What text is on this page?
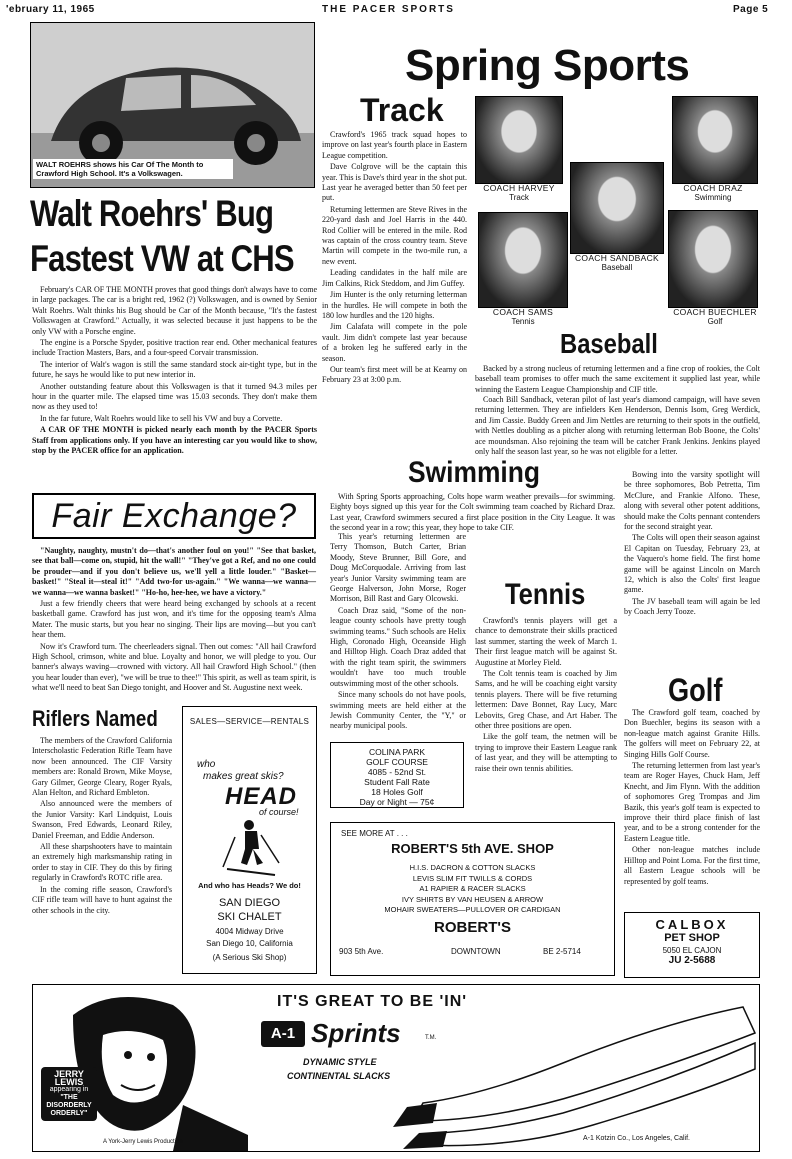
'ebruary 11, 1965	THE PACER SPORTS	Page 5
WALT ROEHRS shows his Car Of The Month to Crawford High School. It's a Volkswagen.
Walt Roehrs' Bug
Fastest VW at CHS

February's CAR OF THE MONTH proves that good things don't always have to come in large packages. The car is a bright red, 1962 (?) Volkswagen, and is owned by Senior Walt Roehrs. Walt thinks his Bug should be Car of the Month because, "It's the fastest Volkswagen at Crawford." Actually, it was selected because it just happens to be the only VW with a Porsche engine.

The engine is a Porsche Spyder, positive traction rear end. Other mechanical features include Traction Masters, Bars, and a four-speed Corvair transmission.

The interior of Walt's wagon is still the same standard stock air-tight type, but in the future, he says he would like to put new interior in.

Another outstanding feature about this Volkswagen is that it turned 94.3 miles per hour in the quarter mile. The elapsed time was 15.03 seconds. They don't make them now as they used to!

In the far future, Walt Roehrs would like to sell his VW and buy a Corvette.

A CAR OF THE MONTH is picked nearly each month by the PACER Sports Staff from applications only. If you have an interesting car you would like to show, stop by the PACER office for an application.

Spring Sports
Track

Crawford's 1965 track squad hopes to improve on last year's fourth place in Eastern League competition.

Dave Colgrove will be the captain this year. This is Dave's third year in the shot put. Last year he averaged better than 50 feet per put.

Returning lettermen are Steve Rives in the 220-yard dash and Joel Harris in the 440. Rod Collier will be entered in the mile. Rod was captain of the cross country team. Steve Martin will compete in the two-mile run, a new event.

Leading candidates in the half mile are Jim Calkins, Rick Steddom, and Jim Guffey.

Jim Hunter is the only returning letterman in the hurdles. He will compete in both the 180 low hurdles and the 120 highs.

Jim Calafata will compete in the pole vault. Jim didn't compete last year because of a broken leg he suffered early in the season.

Our team's first meet will be at Kearny on February 23 at 3:00 p.m.

COACH HARVEY
Track
COACH DRAZ
Swimming
COACH SANDBACK
Baseball
COACH SAMS
Tennis
COACH BUECHLER
Golf
Baseball

Backed by a strong nucleus of returning lettermen and a fine crop of rookies, the Colt baseball team promises to offer much the same excitement it supplied last year, while winning the Eastern League Championship and CIF title.

Coach Bill Sandback, veteran pilot of last year's diamond campaign, will have seven returning lettermen. They are infielders Ken Henderson, Dennis Isom, Greg Werdick, and Jim Cassie. Buddy Green and Jim Nettles are returning to their spots in the outfield, with Nettles doubling as a pitcher along with returning letterman Bob Boone, the Colts' ace moundsman. Also rejoining the team will be catcher Frank Jenkins. Jenkins played only half the season last year, so he was not eligible for a letter.

Bowing into the varsity spotlight will be three sophomores, Bob Petretta, Tim McClure, and Frankie Alfono. These, along with several other potent additions, should make the Colts pennant contenders for the second straight year.

The Colts will open their season against El Capitan on Tuesday, February 23, at the Vaquero's home field. The first home game will be against Lincoln on March 12, which is also the Colts' first league game.

The JV baseball team will again be led by Coach Jerry Tooze.

Swimming

With Spring Sports approaching, Colts hope warm weather prevails—for swimming. Eighty boys signed up this year for the Colt swimming team coached by Richard Draz. Last year, Crawford swimmers secured a first place position in the City League. It was the second year in a row; this year, they hope to take CIF.

This year's returning lettermen are Terry Thomson, Butch Carter, Brian Moody, Steve Brunner, Bill Gore, and Doug McCorquodale. Arriving from last year's Junior Varsity swimming team are George Halverson, John Morse, Roger Morrison, Bill Rast and Gary Olcowski.

Coach Draz said, "Some of the non-league county schools have pretty tough swimming teams." Such schools are Helix High, Coronado High, Oceanside High and Hilltop High. Coach Draz added that with the right team spirit, the swimmers wouldn't have too much trouble outswimming most of the other schools.

Since many schools do not have pools, swimming meets are held either at the Jewish Community Center, the "Y," or nearby municipal pools.

Tennis

Crawford's tennis players will get a chance to demonstrate their skills practiced last summer, starting the week of March 1. Their first league match will be against St. Augustine at Morley Field.

The Colt tennis team is coached by Jim Sams, and he will be coaching eight varsity tennis players. There will be five returning lettermen: Dave Bonnet, Ray Lucy, Marc Lebovits, Greg Chase, and Art Haber. The other three positions are open.

Like the golf team, the netmen will be trying to improve their Eastern League rank of last year, and they will be attempting to raise their own tennis abilities.

Golf

The Crawford golf team, coached by Don Buechler, begins its season with a non-league match against Granite Hills. The golfers will meet on February 22, at Singing Hills Golf Course.

The returning lettermen from last year's team are Roger Hayes, Chuck Ham, Jeff Knecht, and Jim Flynn. With the addition of sophomores Greg Trompas and Jim Bazik, this year's golf team is expected to improve their third place finish of last year, and to be a strong contender for the Eastern League title.

Other non-league matches include Hilltop and Point Loma. For the first time, all Eastern League schools will be represented by golf teams.

Fair Exchange?

"Naughty, naughty, mustn't do—that's another foul on you!" "See that basket, see that ball—come on, stupid, hit the wall!" "They've got a Ref, and no one could be prouder—and if you don't believe us, we'll yell a little louder." "Basket—basket!" "Steal it—steal it!" "Add two-for us-again." "We wanna—we wanna—we wanna—we wanna basket!" "Ho-ho, hee-hee, we have a victory."

Just a few friendly cheers that were heard being exchanged by schools at a recent basketball game. Crawford has just won, and it's time for the opposing team's Alma Mater. The music starts, but you hear no singing. Their lips are moving—but you can't hear them.

Now it's Crawford turn. The cheerleaders signal. Then out comes: "All hail Crawford High School, crimson, white and blue. Loyalty and honor, we will pledge to you. Our banner's always waving—crowned with victory. All hail Crawford High School." (then you hear louder than ever), "we will be true to thee!" This spirit, as well as team spirit, is what we'll need to beat San Diego tonight, and Hoover and St. Augustine next week.

Riflers Named

The members of the Crawford California Interscholastic Federation Rifle Team have now been announced. The CIF Varsity members are: Ronald Brown, Mike Moyse, Gary Gilmer, George Cleary, Roger Ryals, Alan Helton, and Richard Embleton.

Also announced were the members of the Junior Varsity: Karl Lindquist, Louis Swanson, Fred Edwards, Leonard Riley, Daniel Freeman, and Eddie Anderson.

All these sharpshooters have to maintain an extremely high marksmanship rating in order to stay in CIF. They do this by firing regularly in Crawford's ROTC rifle area.

In the coming rifle season, Crawford's CIF rifle team will have to hunt against the other schools in the city.

SALES—SERVICE—RENTALS
who
makes great skis?
HEAD
of course!
And who has Heads? We do!
SAN DIEGO
SKI CHALET
4004 Midway Drive
San Diego 10, California
(A Serious Ski Shop)
COLINA PARK
GOLF COURSE
4085 - 52nd St.
Student Fall Rate
18 Holes Golf
Day or Night — 75¢
SEE MORE AT . . .
ROBERT'S 5th AVE. SHOP
H.I.S. DACRON & COTTON SLACKS
LEVIS SLIM FIT TWILLS & CORDS
A1 RAPIER & RACER SLACKS
IVY SHIRTS BY VAN HEUSEN & ARROW
MOHAIR SWEATERS—PULLOVER OR CARDIGAN
ROBERT'S
903 5th Ave.	DOWNTOWN	BE 2-5714
CALBOX
PET SHOP
5050 EL CAJON
JU 2-5688
JERRY
LEWIS
appearing in
"THE
DISORDERLY
ORDERLY"
A York-Jerry Lewis Production
IT'S GREAT TO BE 'IN'
A-1 Sprints	T.M.
DYNAMIC STYLE
CONTINENTAL SLACKS
A-1 Kotzin Co., Los Angeles, Calif.
